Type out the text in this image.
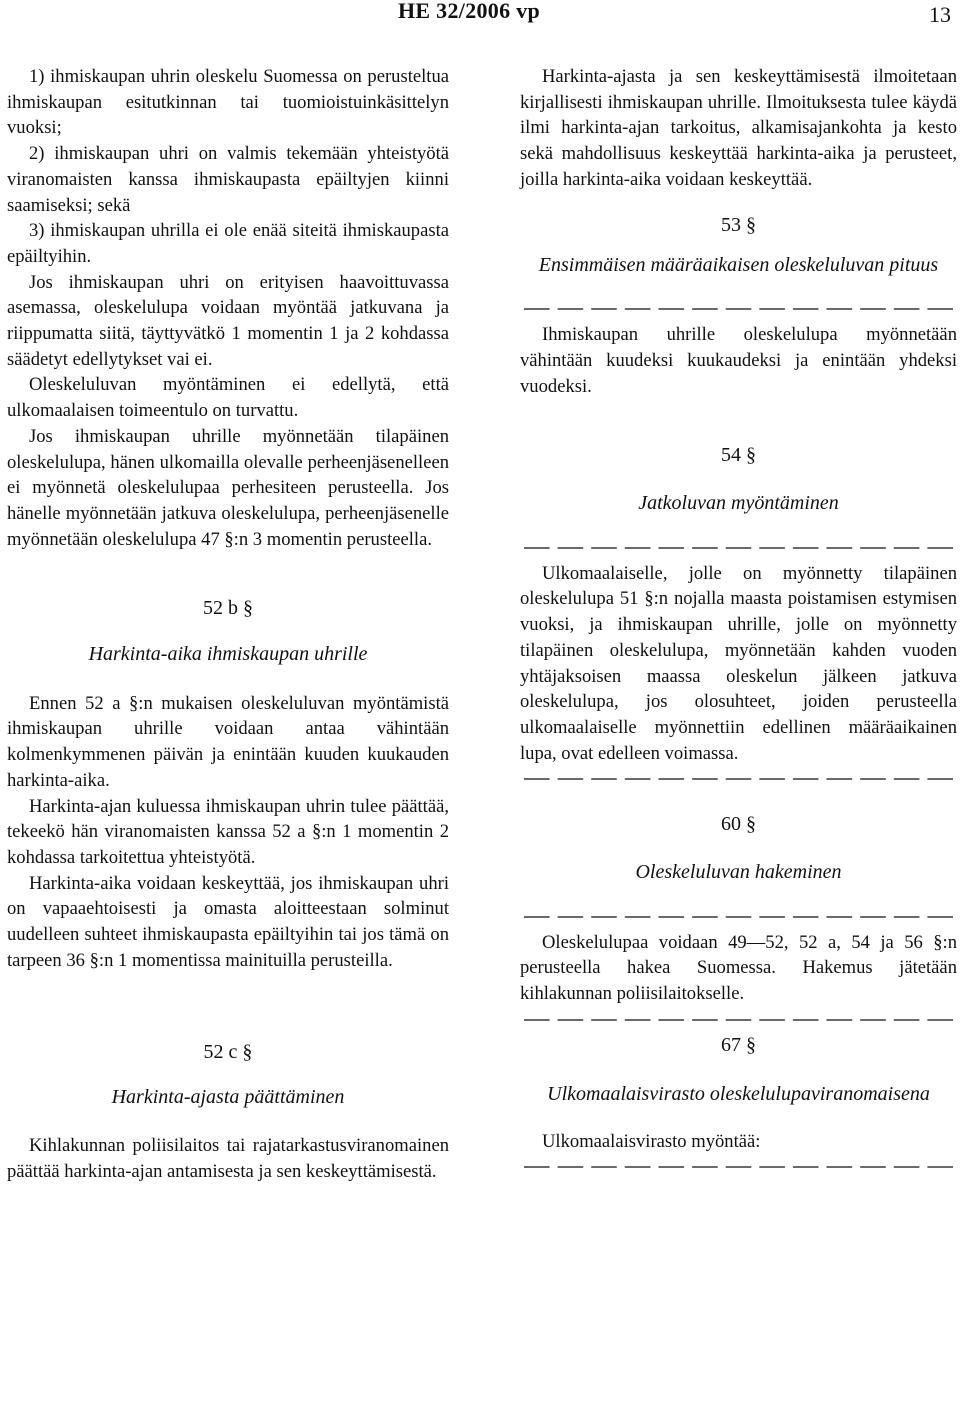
HE 32/2006 vp	13

1) ihmiskaupan uhrin oleskelu Suomessa on perusteltua ihmiskaupan esitutkinnan tai tuomioistuinkäsittelyn vuoksi;

2) ihmiskaupan uhri on valmis tekemään yhteistyötä viranomaisten kanssa ihmiskaupasta epäiltyjen kiinni saamiseksi; sekä

3) ihmiskaupan uhrilla ei ole enää siteitä ihmiskaupasta epäiltyihin.

Jos ihmiskaupan uhri on erityisen haavoittuvassa asemassa, oleskelulupa voidaan myöntää jatkuvana ja riippumatta siitä, täyttyvätkö 1 momentin 1 ja 2 kohdassa säädetyt edellytykset vai ei.

Oleskeluluvan myöntäminen ei edellytä, että ulkomaalaisen toimeentulo on turvattu.

Jos ihmiskaupan uhrille myönnetään tilapäinen oleskelulupa, hänen ulkomailla olevalle perheenjäsenelleen ei myönnetä oleskelulupaa perhesiteen perusteella. Jos hänelle myönnetään jatkuva oleskelulupa, perheenjäsenelle myönnetään oleskelulupa 47 §:n 3 momentin perusteella.

52 b §

Harkinta-aika ihmiskaupan uhrille

Ennen 52 a §:n mukaisen oleskeluluvan myöntämistä ihmiskaupan uhrille voidaan antaa vähintään kolmenkymmenen päivän ja enintään kuuden kuukauden harkinta-aika.

Harkinta-ajan kuluessa ihmiskaupan uhrin tulee päättää, tekeekö hän viranomaisten kanssa 52 a §:n 1 momentin 2 kohdassa tarkoitettua yhteistyötä.

Harkinta-aika voidaan keskeyttää, jos ihmiskaupan uhri on vapaaehtoisesti ja omasta aloitteestaan solminut uudelleen suhteet ihmiskaupasta epäiltyihin tai jos tämä on tarpeen 36 §:n 1 momentissa mainituilla perusteilla.

52 c §

Harkinta-ajasta päättäminen

Kihlakunnan poliisilaitos tai rajatarkastusviranomainen päättää harkinta-ajan antamisesta ja sen keskeyttämisestä.

Harkinta-ajasta ja sen keskeyttämisestä ilmoitetaan kirjallisesti ihmiskaupan uhrille. Ilmoituksesta tulee käydä ilmi harkinta-ajan tarkoitus, alkamisajankohta ja kesto sekä mahdollisuus keskeyttää harkinta-aika ja perusteet, joilla harkinta-aika voidaan keskeyttää.

53 §

Ensimmäisen määräaikaisen oleskeluluvan pituus

Ihmiskaupan uhrille oleskelulupa myönnetään vähintään kuudeksi kuukaudeksi ja enintään yhdeksi vuodeksi.

54 §

Jatkoluvan myöntäminen

Ulkomaalaiselle, jolle on myönnetty tilapäinen oleskelulupa 51 §:n nojalla maasta poistamisen estymisen vuoksi, ja ihmiskaupan uhrille, jolle on myönnetty tilapäinen oleskelulupa, myönnetään kahden vuoden yhtäjaksoisen maassa oleskelun jälkeen jatkuva oleskelulupa, jos olosuhteet, joiden perusteella ulkomaalaiselle myönnettiin edellinen määräaikainen lupa, ovat edelleen voimassa.

60 §

Oleskeluluvan hakeminen

Oleskelulupaa voidaan 49—52, 52 a, 54 ja 56 §:n perusteella hakea Suomessa. Hakemus jätetään kihlakunnan poliisilaitokselle.

67 §

Ulkomaalaisvirasto oleskelulupaviranomaisena

Ulkomaalaisvirasto myöntää:
